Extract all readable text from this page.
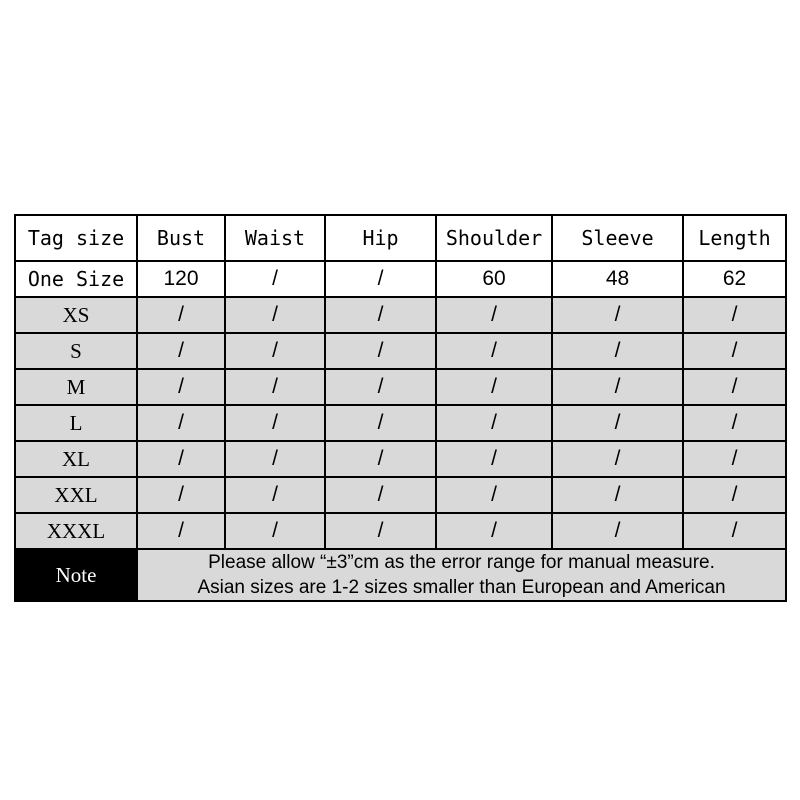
Tag size	Bust	Waist	Hip	Shoulder	Sleeve	Length
One Size	120	/	/	60	48	62
XS	/	/	/	/	/	/
S	/	/	/	/	/	/
M	/	/	/	/	/	/
L	/	/	/	/	/	/
XL	/	/	/	/	/	/
XXL	/	/	/	/	/	/
XXXL	/	/	/	/	/	/
Note	Please allow “±3”cm as the error range for manual measure.
Asian sizes are 1-2 sizes smaller than European and American					
